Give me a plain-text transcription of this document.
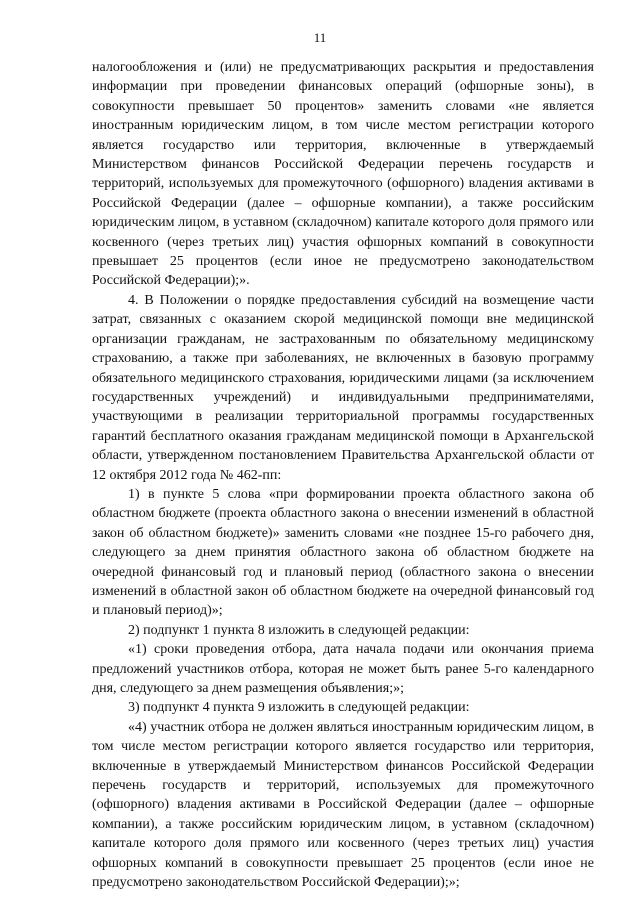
11

налогообложения и (или) не предусматривающих раскрытия и предоставления информации при проведении финансовых операций (офшорные зоны), в совокупности превышает 50 процентов» заменить словами «не является иностранным юридическим лицом, в том числе местом регистрации которого является государство или территория, включенные в утверждаемый Министерством финансов Российской Федерации перечень государств и территорий, используемых для промежуточного (офшорного) владения активами в Российской Федерации (далее – офшорные компании), а также российским юридическим лицом, в уставном (складочном) капитале которого доля прямого или косвенного (через третьих лиц) участия офшорных компаний в совокупности превышает 25 процентов (если иное не предусмотрено законодательством Российской Федерации);».

4. В Положении о порядке предоставления субсидий на возмещение части затрат, связанных с оказанием скорой медицинской помощи вне медицинской организации гражданам, не застрахованным по обязательному медицинскому страхованию, а также при заболеваниях, не включенных в базовую программу обязательного медицинского страхования, юридическими лицами (за исключением государственных учреждений) и индивидуальными предпринимателями, участвующими в реализации территориальной программы государственных гарантий бесплатного оказания гражданам медицинской помощи в Архангельской области, утвержденном постановлением Правительства Архангельской области от 12 октября 2012 года № 462-пп:

1) в пункте 5 слова «при формировании проекта областного закона об областном бюджете (проекта областного закона о внесении изменений в областной закон об областном бюджете)» заменить словами «не позднее 15-го рабочего дня, следующего за днем принятия областного закона об областном бюджете на очередной финансовый год и плановый период (областного закона о внесении изменений в областной закон об областном бюджете на очередной финансовый год и плановый период)»;

2) подпункт 1 пункта 8 изложить в следующей редакции:

«1) сроки проведения отбора, дата начала подачи или окончания приема предложений участников отбора, которая не может быть ранее 5-го календарного дня, следующего за днем размещения объявления;»;

3) подпункт 4 пункта 9 изложить в следующей редакции:

«4) участник отбора не должен являться иностранным юридическим лицом, в том числе местом регистрации которого является государство или территория, включенные в утверждаемый Министерством финансов Российской Федерации перечень государств и территорий, используемых для промежуточного (офшорного) владения активами в Российской Федерации (далее – офшорные компании), а также российским юридическим лицом, в уставном (складочном) капитале которого доля прямого или косвенного (через третьих лиц) участия офшорных компаний в совокупности превышает 25 процентов (если иное не предусмотрено законодательством Российской Федерации);»;
